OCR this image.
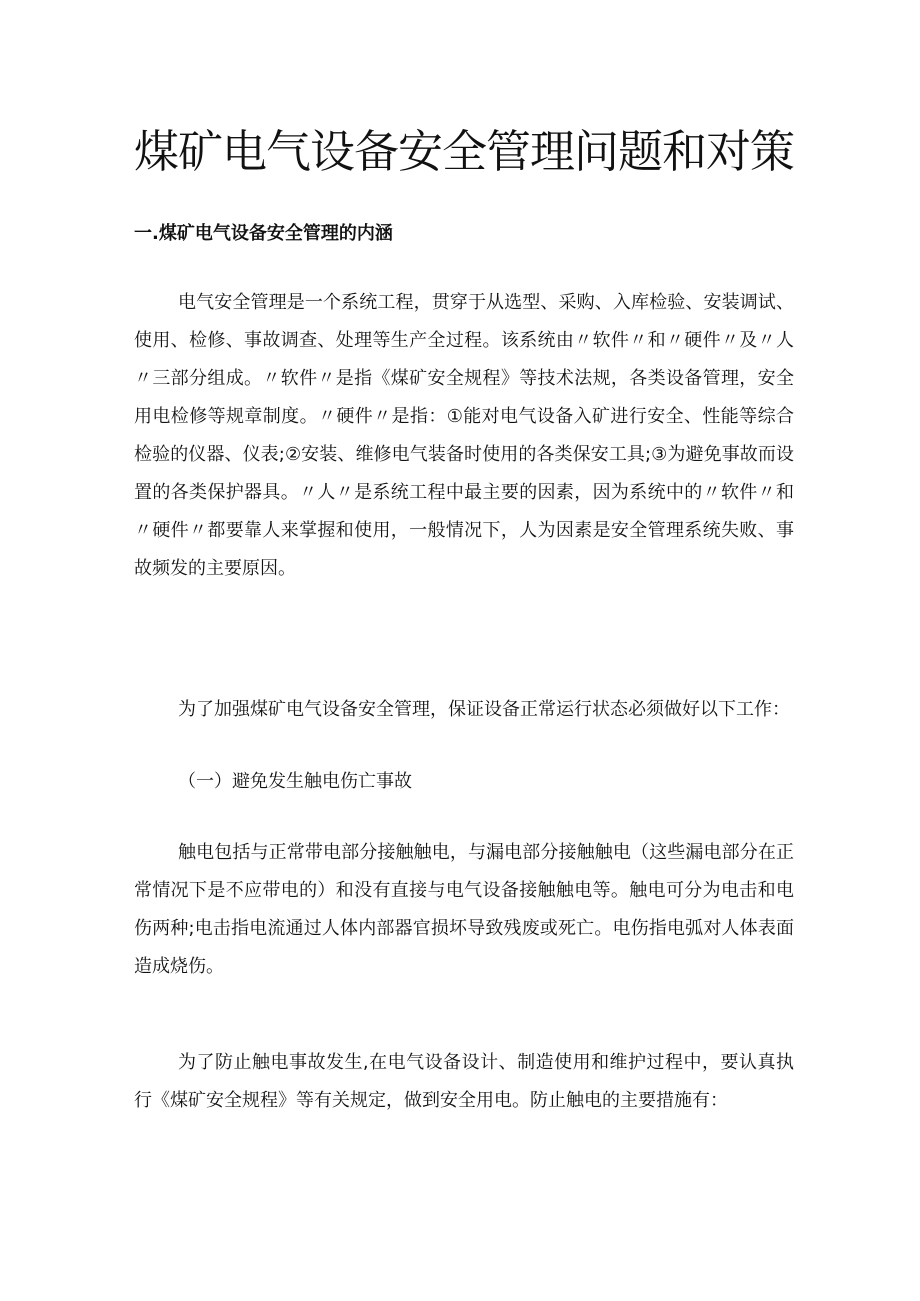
煤矿电气设备安全管理问题和对策
一.煤矿电气设备安全管理的内涵

电气安全管理是一个系统工程，贯穿于从选型、采购、入库检验、安装调试、使用、检修、事故调查、处理等生产全过程。该系统由〃软件〃和〃硬件〃及〃人〃三部分组成。〃软件〃是指《煤矿安全规程》等技术法规，各类设备管理，安全用电检修等规章制度。〃硬件〃是指：①能对电气设备入矿进行安全、性能等综合检验的仪器、仪表;②安装、维修电气装备时使用的各类保安工具;③为避免事故而设置的各类保护器具。〃人〃是系统工程中最主要的因素，因为系统中的〃软件〃和〃硬件〃都要靠人来掌握和使用，一般情况下，人为因素是安全管理系统失败、事故频发的主要原因。

为了加强煤矿电气设备安全管理，保证设备正常运行状态必须做好以下工作：

（一）避免发生触电伤亡事故

触电包括与正常带电部分接触触电，与漏电部分接触触电（这些漏电部分在正常情况下是不应带电的）和没有直接与电气设备接触触电等。触电可分为电击和电伤两种;电击指电流通过人体内部器官损坏导致残废或死亡。电伤指电弧对人体表面造成烧伤。

为了防止触电事故发生,在电气设备设计、制造使用和维护过程中，要认真执行《煤矿安全规程》等有关规定，做到安全用电。防止触电的主要措施有：
